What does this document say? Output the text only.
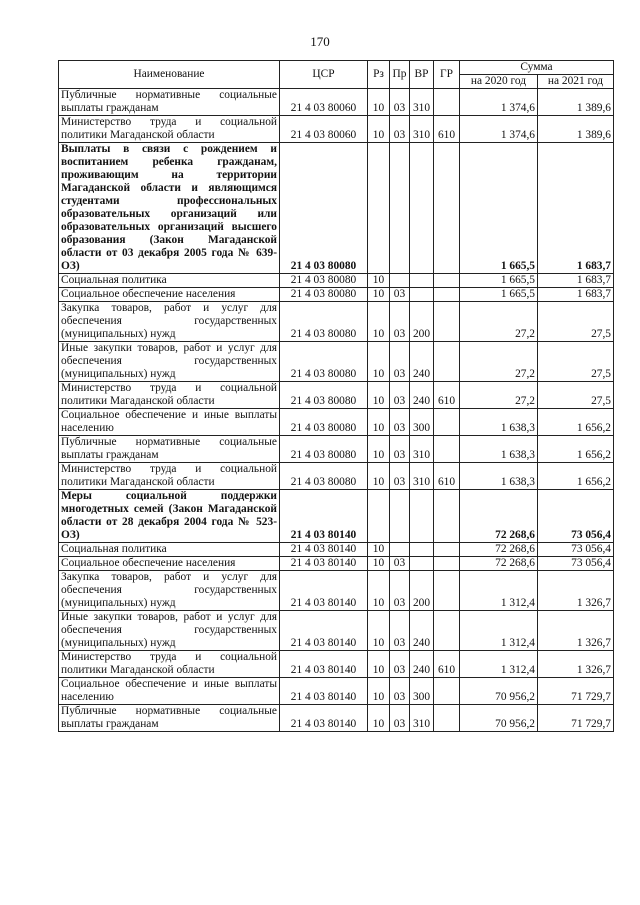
170
Наименование	ЦСР	Рз	Пр	ВР	ГР	Сумма	
						на 2020 год	на 2021 год
Публичные нормативные социальные выплаты гражданам	21 4 03 80060	10	03	310		1 374,6	1 389,6
Министерство труда и социальной политики Магаданской области	21 4 03 80060	10	03	310	610	1 374,6	1 389,6
Выплаты в связи с рождением и воспитанием ребенка гражданам, проживающим на территории Магаданской области и являющимся студентами профессиональных образовательных организаций или образовательных организаций высшего образования (Закон Магаданской области от 03 декабря 2005 года № 639-ОЗ)	21 4 03 80080					1 665,5	1 683,7
Социальная политика	21 4 03 80080	10				1 665,5	1 683,7
Социальное обеспечение населения	21 4 03 80080	10	03			1 665,5	1 683,7
Закупка товаров, работ и услуг для обеспечения государственных (муниципальных) нужд	21 4 03 80080	10	03	200		27,2	27,5
Иные закупки товаров, работ и услуг для обеспечения государственных (муниципальных) нужд	21 4 03 80080	10	03	240		27,2	27,5
Министерство труда и социальной политики Магаданской области	21 4 03 80080	10	03	240	610	27,2	27,5
Социальное обеспечение и иные выплаты населению	21 4 03 80080	10	03	300		1 638,3	1 656,2
Публичные нормативные социальные выплаты гражданам	21 4 03 80080	10	03	310		1 638,3	1 656,2
Министерство труда и социальной политики Магаданской области	21 4 03 80080	10	03	310	610	1 638,3	1 656,2
Меры социальной поддержки многодетных семей (Закон Магаданской области от 28 декабря 2004 года № 523-ОЗ)	21 4 03 80140					72 268,6	73 056,4
Социальная политика	21 4 03 80140	10				72 268,6	73 056,4
Социальное обеспечение населения	21 4 03 80140	10	03			72 268,6	73 056,4
Закупка товаров, работ и услуг для обеспечения государственных (муниципальных) нужд	21 4 03 80140	10	03	200		1 312,4	1 326,7
Иные закупки товаров, работ и услуг для обеспечения государственных (муниципальных) нужд	21 4 03 80140	10	03	240		1 312,4	1 326,7
Министерство труда и социальной политики Магаданской области	21 4 03 80140	10	03	240	610	1 312,4	1 326,7
Социальное обеспечение и иные выплаты населению	21 4 03 80140	10	03	300		70 956,2	71 729,7
Публичные нормативные социальные выплаты гражданам	21 4 03 80140	10	03	310		70 956,2	71 729,7
